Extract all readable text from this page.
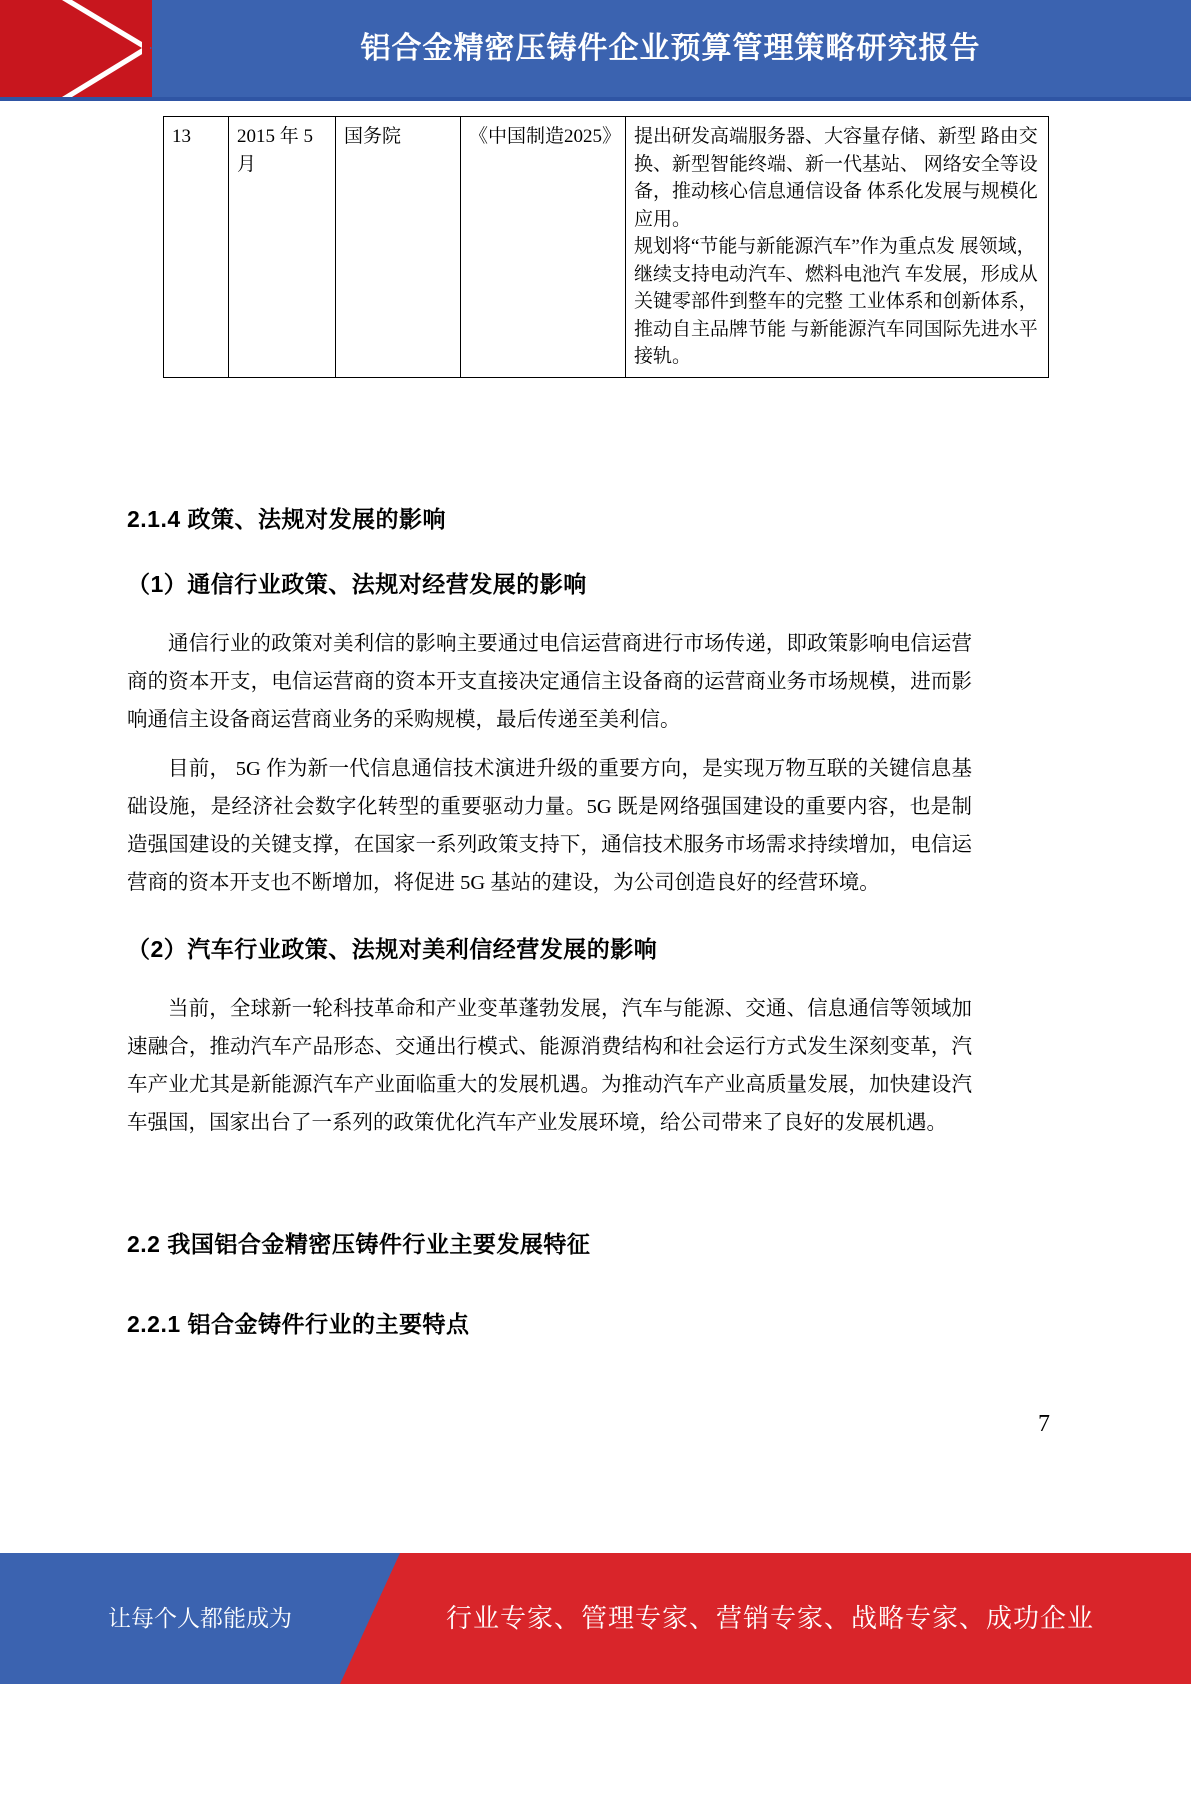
铝合金精密压铸件企业预算管理策略研究报告
13	2015 年 5月	国务院	《中国制造2025》	提出研发高端服务器、大容量存储、新型 路由交换、新型智能终端、新一代基站、 网络安全等设备，推动核心信息通信设备 体系化发展与规模化应用。
规划将“节能与新能源汽车”作为重点发 展领域，继续支持电动汽车、燃料电池汽 车发展，形成从关键零部件到整车的完整 工业体系和创新体系，推动自主品牌节能 与新能源汽车同国际先进水平接轨。
2.1.4 政策、法规对发展的影响
（1）通信行业政策、法规对经营发展的影响
通信行业的政策对美利信的影响主要通过电信运营商进行市场传递，即政策影响电信运营商的资本开支，电信运营商的资本开支直接决定通信主设备商的运营商业务市场规模，进而影响通信主设备商运营商业务的采购规模，最后传递至美利信。
目前， 5G 作为新一代信息通信技术演进升级的重要方向，是实现万物互联的关键信息基础设施，是经济社会数字化转型的重要驱动力量。5G 既是网络强国建设的重要内容，也是制造强国建设的关键支撑，在国家一系列政策支持下，通信技术服务市场需求持续增加，电信运营商的资本开支也不断增加，将促进 5G 基站的建设，为公司创造良好的经营环境。
（2）汽车行业政策、法规对美利信经营发展的影响
当前，全球新一轮科技革命和产业变革蓬勃发展，汽车与能源、交通、信息通信等领域加速融合，推动汽车产品形态、交通出行模式、能源消费结构和社会运行方式发生深刻变革，汽车产业尤其是新能源汽车产业面临重大的发展机遇。为推动汽车产业高质量发展，加快建设汽车强国，国家出台了一系列的政策优化汽车产业发展环境，给公司带来了良好的发展机遇。
2.2 我国铝合金精密压铸件行业主要发展特征
2.2.1 铝合金铸件行业的主要特点
7
让每个人都能成为	行业专家、管理专家、营销专家、战略专家、成功企业家……
